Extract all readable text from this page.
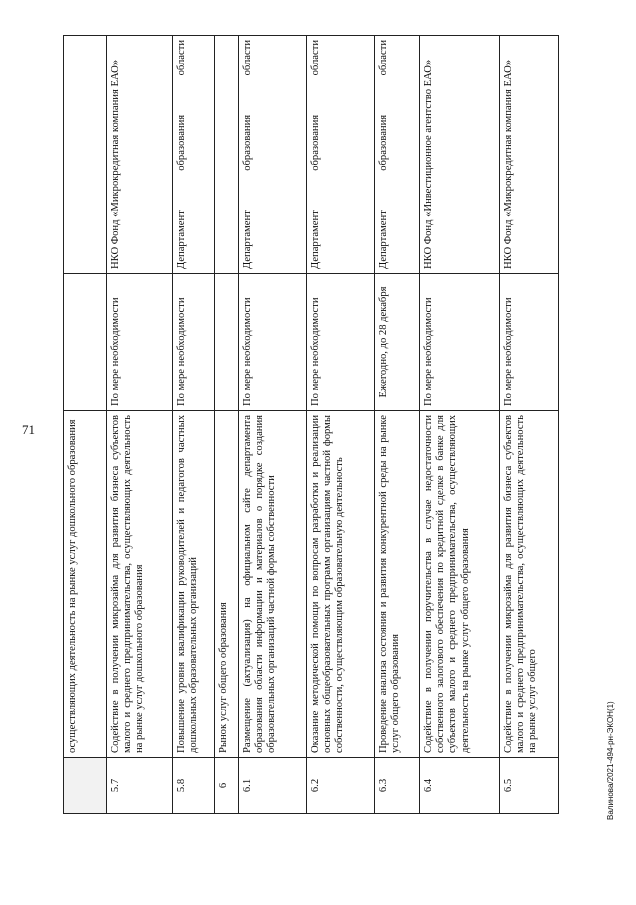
71
Валинова/2021-494-рн-ЭКОН(1)
	осуществляющих деятельность на рынке услуг дошкольного образования		
5.7	Содействие в получении микрозайма для развития бизнеса субъектов малого и среднего предпринимательства, осуществляющих деятельность на рынке услуг дошкольного образования	По мере необходимости	НКО Фонд «Микрокредитная компания ЕАО»
5.8	Повышение уровня квалификации руководителей и педагогов частных дошкольных образовательных организаций	По мере необходимости	Департамент образования области
6	Рынок услуг общего образования		
6.1	Размещение (актуализация) на официальном сайте департамента образования области информации и материалов о порядке создания образовательных организаций частной формы собственности	По мере необходимости	Департамент образования области
6.2	Оказание методической помощи по вопросам разработки и реализации основных общеобразовательных программ организациям частной формы собственности, осуществляющим образовательную деятельность	По мере необходимости	Департамент образования области
6.3	Проведение анализа состояния и развития конкурентной среды на рынке услуг общего образования	Ежегодно, до 28 декабря	Департамент образования области
6.4	Содействие в получении поручительства в случае недостаточности собственного залогового обеспечения по кредитной сделке в банке для субъектов малого и среднего предпринимательства, осуществляющих деятельность на рынке услуг общего образования	По мере необходимости	НКО Фонд «Инвестиционное агентство ЕАО»
6.5	Содействие в получении микрозайма для развития бизнеса субъектов малого и среднего предпринимательства, осуществляющих деятельность на рынке услуг общего	По мере необходимости	НКО Фонд «Микрокредитная компания ЕАО»
